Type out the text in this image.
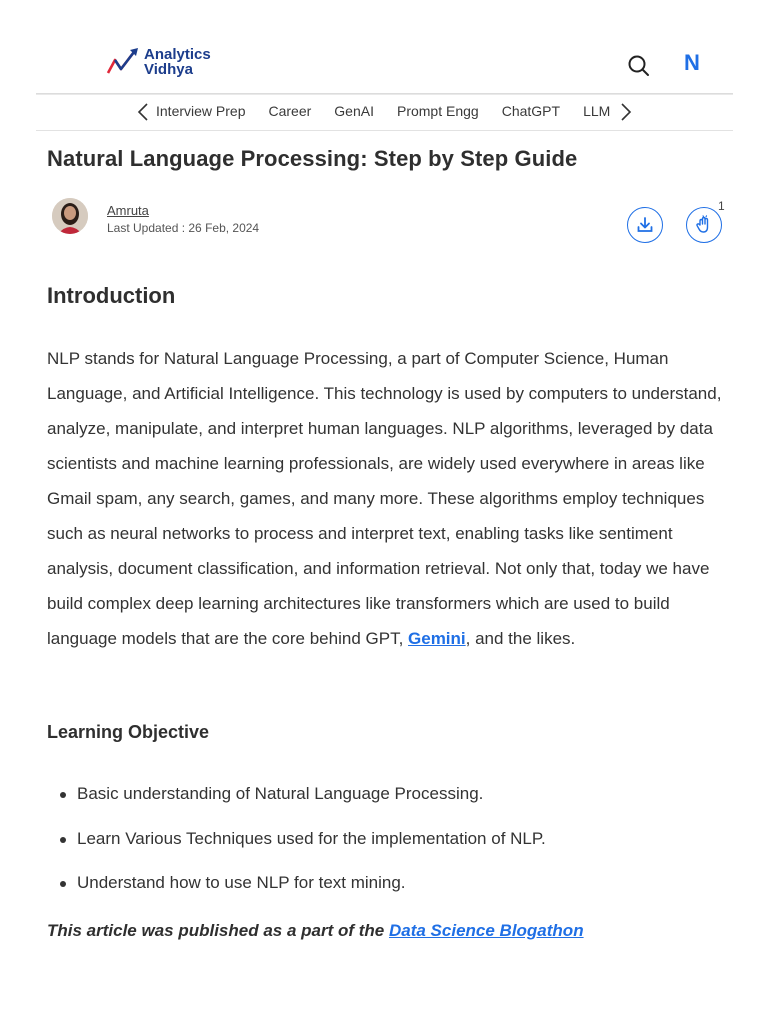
Analytics
Vidhya	N
Interview Prep Career GenAI Prompt Engg ChatGPT LLM
Natural Language Processing: Step by Step Guide
Amruta
Last Updated : 26 Feb, 2024
1
Introduction

NLP stands for Natural Language Processing, a part of Computer Science, Human Language, and Artificial Intelligence. This technology is used by computers to understand, analyze, manipulate, and interpret human languages. NLP algorithms, leveraged by data scientists and machine learning professionals, are widely used everywhere in areas like Gmail spam, any search, games, and many more. These algorithms employ techniques such as neural networks to process and interpret text, enabling tasks like sentiment analysis, document classification, and information retrieval. Not only that, today we have build complex deep learning architectures like transformers which are used to build language models that are the core behind GPT, Gemini, and the likes.

Learning Objective
Basic understanding of Natural Language Processing.
Learn Various Techniques used for the implementation of NLP.
Understand how to use NLP for text mining.

This article was published as a part of the Data Science Blogathon
